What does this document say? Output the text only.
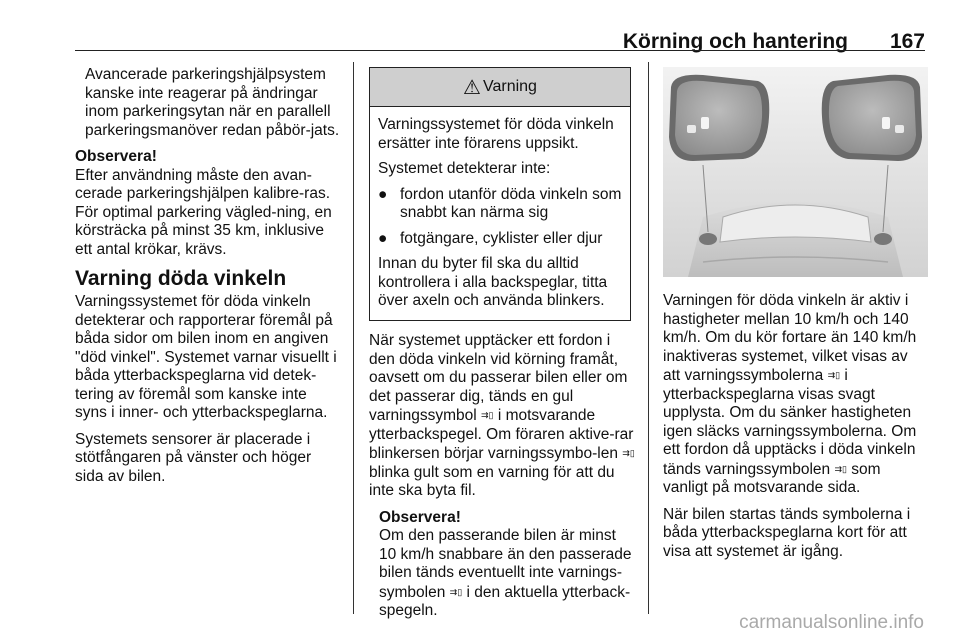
Körning och hantering 167

Avancerade parkeringshjälpsystem kanske inte reagerar på ändringar inom parkeringsytan när en parallell parkeringsmanöver redan påbör-jats.

Observera!

Efter användning måste den avan-cerade parkeringshjälpen kalibre-ras. För optimal parkering vägled-ning, en körsträcka på minst 35 km, inklusive ett antal krökar, krävs.

Varning döda vinkeln

Varningssystemet för döda vinkeln detekterar och rapporterar föremål på båda sidor om bilen inom en angiven "död vinkel". Systemet varnar visuellt i båda ytterbackspeglarna vid detek-tering av föremål som kanske inte syns i inner- och ytterbackspeglarna.

Systemets sensorer är placerade i stötfångaren på vänster och höger sida av bilen.

⚠ Varning

Varningssystemet för döda vinkeln ersätter inte förarens uppsikt.

Systemet detekterar inte:

● fordon utanför döda vinkeln som snabbt kan närma sig
● fotgängare, cyklister eller djur

Innan du byter fil ska du alltid kontrollera i alla backspeglar, titta över axeln och använda blinkers.

När systemet upptäcker ett fordon i den döda vinkeln vid körning framåt, oavsett om du passerar bilen eller om det passerar dig, tänds en gul varningssymbol ⇉▯ i motsvarande ytterbackspegel. Om föraren aktive-rar blinkersen börjar varningssymbo-len ⇉▯ blinka gult som en varning för att du inte ska byta fil.

Observera!

Om den passerande bilen är minst 10 km/h snabbare än den passerade bilen tänds eventuellt inte varnings-symbolen ⇉▯ i den aktuella ytterback-spegeln.

Varningen för döda vinkeln är aktiv i hastigheter mellan 10 km/h och 140 km/h. Om du kör fortare än 140 km/h inaktiveras systemet, vilket visas av att varningssymbolerna ⇉▯ i ytterbackspeglarna visas svagt upplysta. Om du sänker hastigheten igen släcks varningssymbolerna. Om ett fordon då upptäcks i döda vinkeln tänds varningssymbolen ⇉▯ som vanligt på motsvarande sida.

När bilen startas tänds symbolerna i båda ytterbackspeglarna kort för att visa att systemet är igång.

carmanualsonline.info
